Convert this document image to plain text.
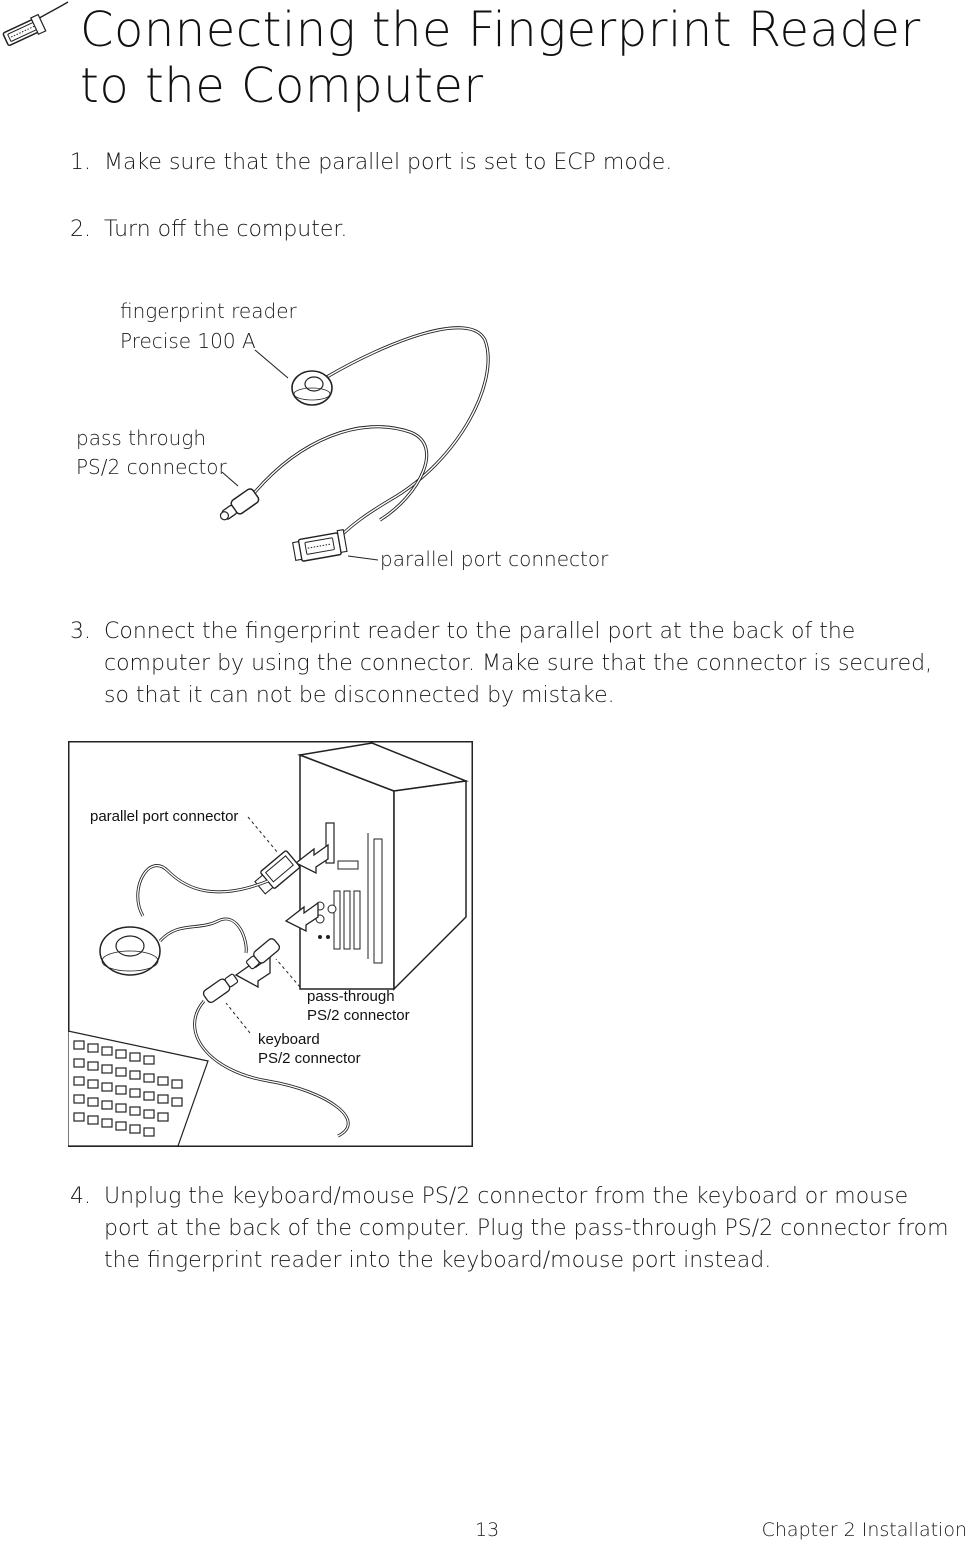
Connecting the Fingerprint Reader to the Computer
1. Make sure that the parallel port is set to ECP mode.
2. Turn off the computer.
fingerprint reader
Precise 100 A
pass through
PS/2 connector
parallel port connector
3. Connect the fingerprint reader to the parallel port at the back of the computer by using the connector. Make sure that the connector is secured, so that it can not be disconnected by mistake.
parallel port connector
pass-through
PS/2 connector
keyboard
PS/2 connector
4. Unplug the keyboard/mouse PS/2 connector from the keyboard or mouse port at the back of the computer. Plug the pass-through PS/2 connector from the fingerprint reader into the keyboard/mouse port instead.
13	Chapter 2 Installation
